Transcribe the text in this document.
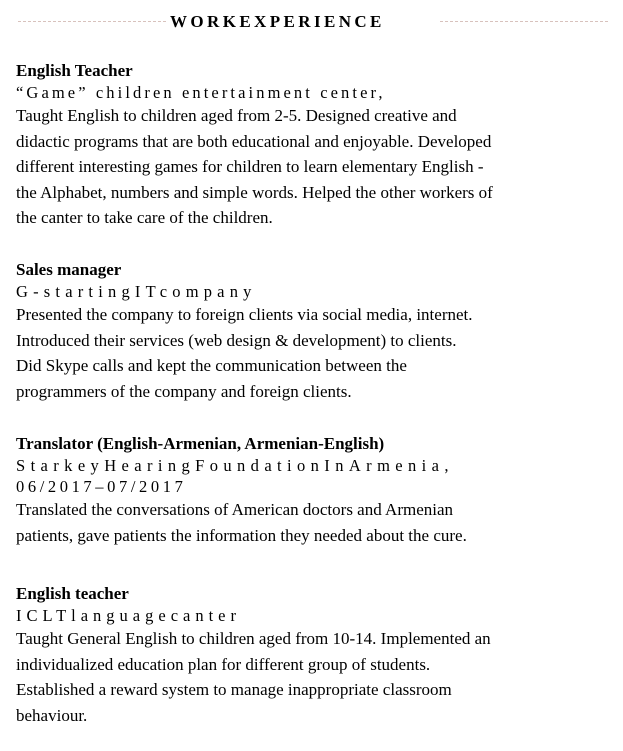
WORKEXPERIENCE
English Teacher
“Game” children entertainment center,
Taught English to children aged from 2-5. Designed creative and
didactic programs that are both educational and enjoyable. Developed
different interesting games for children to learn elementary English -
the Alphabet, numbers and simple words. Helped the other workers of
the canter to take care of the children.
Sales manager
G-startingITcompany
Presented the company to foreign clients via social media, internet.
Introduced their services (web design & development) to clients.
Did Skype calls and kept the communication between the
programmers of the company and foreign clients.
Translator (English-Armenian, Armenian-English)
StarkeyHearingFoundationInArmenia,
06/2017–07/2017
Translated the conversations of American doctors and Armenian
patients, gave patients the information they needed about the cure.
English teacher
ICLTlanguagecanter
Taught General English to children aged from 10-14. Implemented an
individualized education plan for different group of students.
Established a reward system to manage inappropriate classroom
behaviour.
